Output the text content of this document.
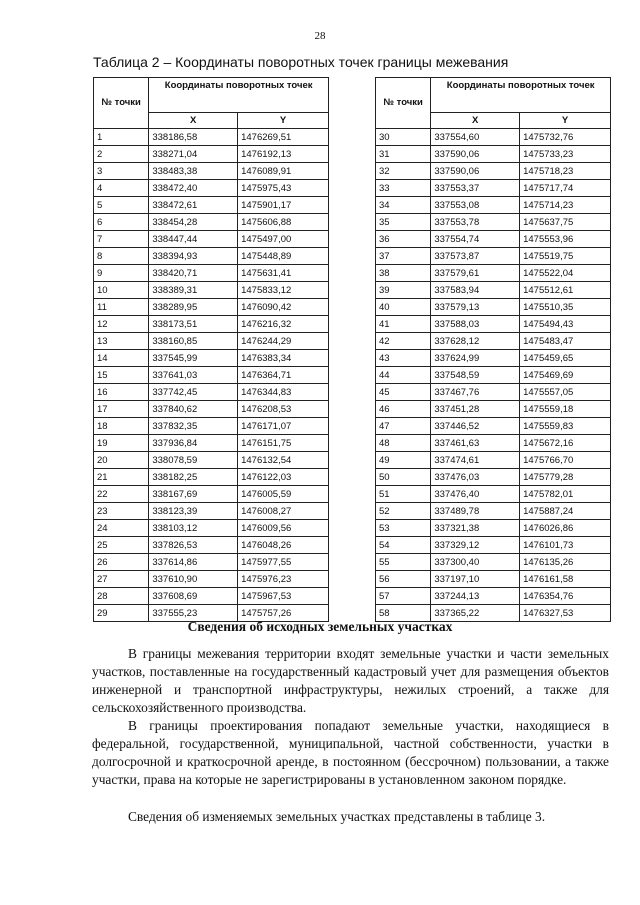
28
Таблица 2 – Координаты поворотных точек границы межевания
№ точки	Координаты поворотных точек	
	X	Y
1	338186,58	1476269,51
2	338271,04	1476192,13
3	338483,38	1476089,91
4	338472,40	1475975,43
5	338472,61	1475901,17
6	338454,28	1475606,88
7	338447,44	1475497,00
8	338394,93	1475448,89
9	338420,71	1475631,41
10	338389,31	1475833,12
11	338289,95	1476090,42
12	338173,51	1476216,32
13	338160,85	1476244,29
14	337545,99	1476383,34
15	337641,03	1476364,71
16	337742,45	1476344,83
17	337840,62	1476208,53
18	337832,35	1476171,07
19	337936,84	1476151,75
20	338078,59	1476132,54
21	338182,25	1476122,03
22	338167,69	1476005,59
23	338123,39	1476008,27
24	338103,12	1476009,56
25	337826,53	1476048,26
26	337614,86	1475977,55
27	337610,90	1475976,23
28	337608,69	1475967,53
29	337555,23	1475757,26
№ точки	Координаты поворотных точек	
	X	Y
30	337554,60	1475732,76
31	337590,06	1475733,23
32	337590,06	1475718,23
33	337553,37	1475717,74
34	337553,08	1475714,23
35	337553,78	1475637,75
36	337554,74	1475553,96
37	337573,87	1475519,75
38	337579,61	1475522,04
39	337583,94	1475512,61
40	337579,13	1475510,35
41	337588,03	1475494,43
42	337628,12	1475483,47
43	337624,99	1475459,65
44	337548,59	1475469,69
45	337467,76	1475557,05
46	337451,28	1475559,18
47	337446,52	1475559,83
48	337461,63	1475672,16
49	337474,61	1475766,70
50	337476,03	1475779,28
51	337476,40	1475782,01
52	337489,78	1475887,24
53	337321,38	1476026,86
54	337329,12	1476101,73
55	337300,40	1476135,26
56	337197,10	1476161,58
57	337244,13	1476354,76
58	337365,22	1476327,53
Сведения об исходных земельных участках

В границы межевания территории входят земельные участки и части земельных участков, поставленные на государственный кадастровый учет для размещения объектов инженерной и транспортной инфраструктуры, нежилых строений, а также для сельскохозяйственного производства.

В границы проектирования попадают земельные участки, находящиеся в федеральной, государственной, муниципальной, частной собственности, участки в долгосрочной и краткосрочной аренде, в постоянном (бессрочном) пользовании, а также участки, права на которые не зарегистрированы в установленном законом порядке.

Сведения об изменяемых земельных участках представлены в таблице 3.
